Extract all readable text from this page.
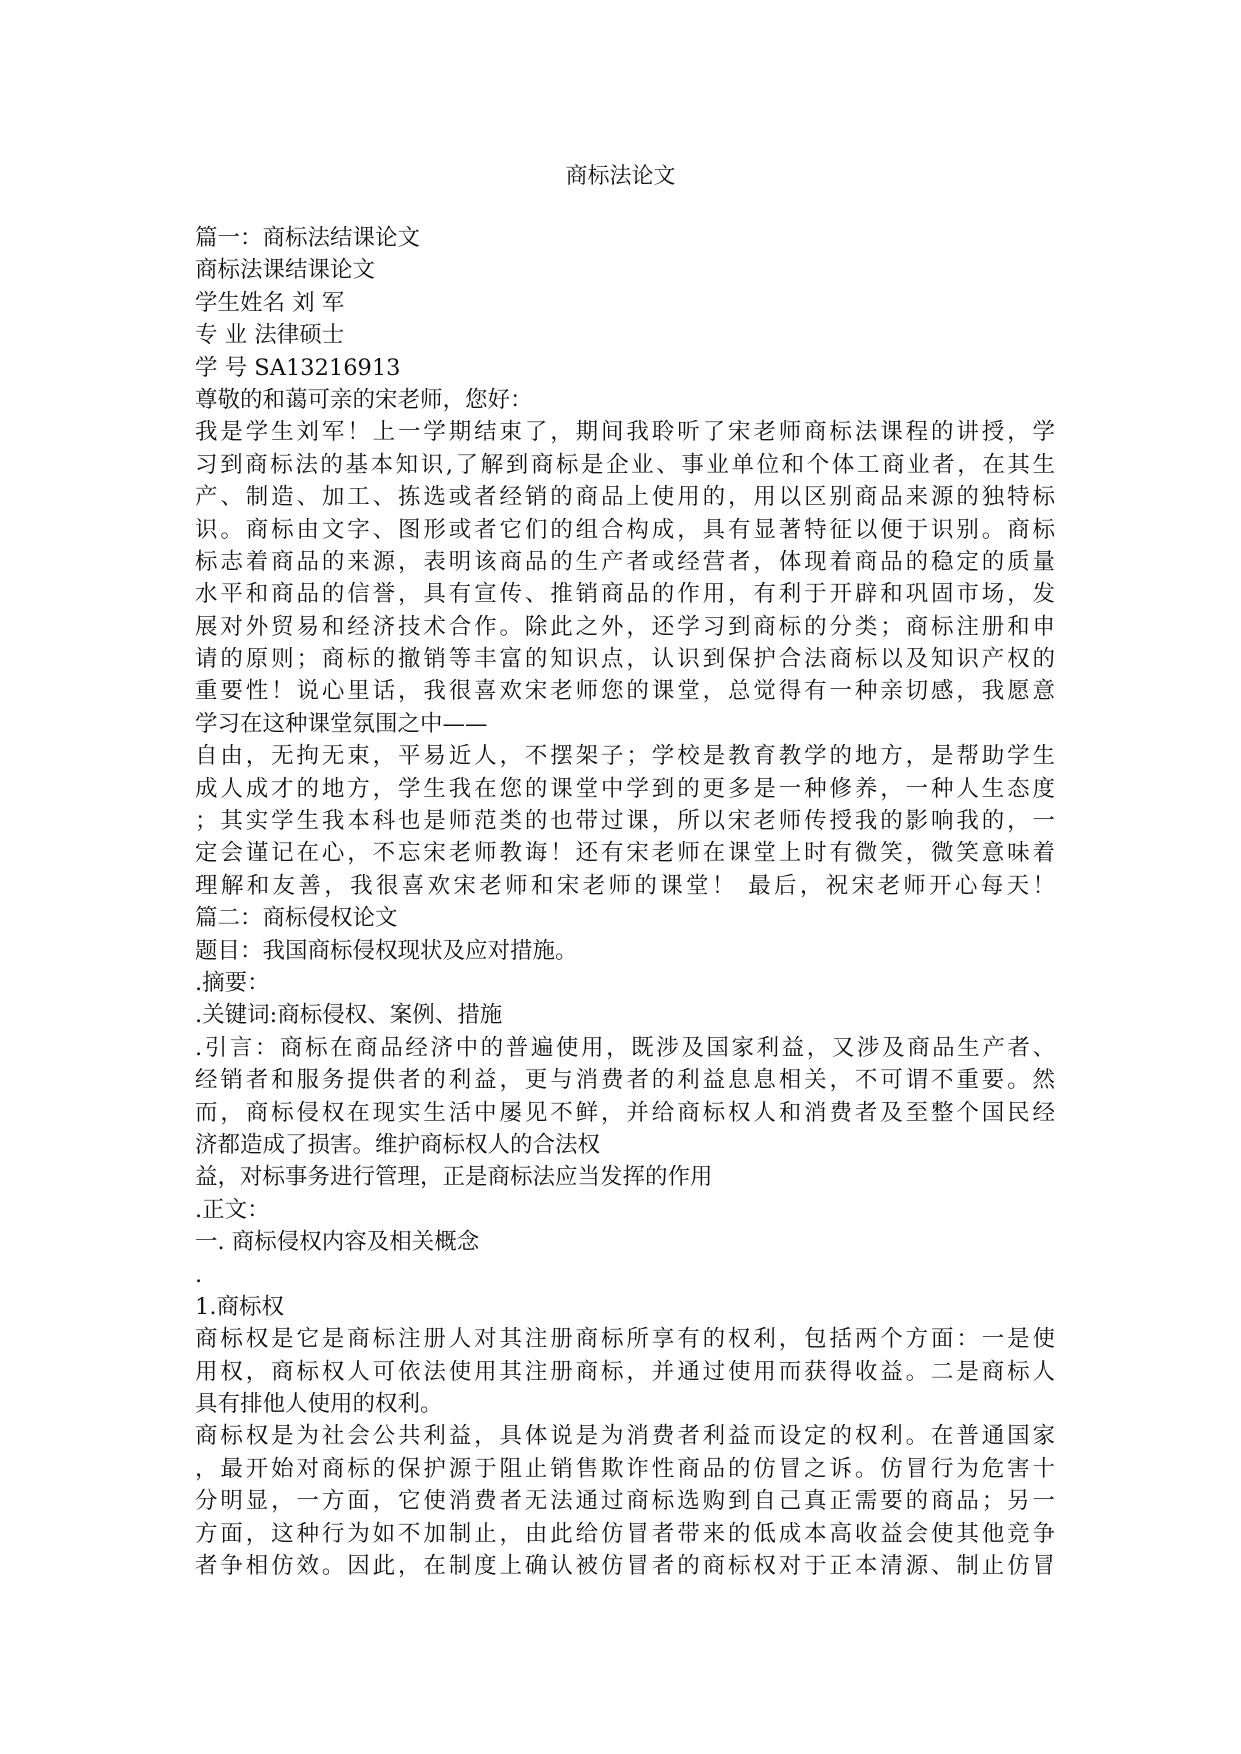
商标法论文
篇一：商标法结课论文
商标法课结课论文
学生姓名 刘 军
专 业 法律硕士
学 号 SA13216913
尊敬的和蔼可亲的宋老师，您好：
我是学生刘军！上一学期结束了，期间我聆听了宋老师商标法课程的讲授，学
习到商标法的基本知识,了解到商标是企业、事业单位和个体工商业者，在其生
产、制造、加工、拣选或者经销的商品上使用的，用以区别商品来源的独特标
识。商标由文字、图形或者它们的组合构成，具有显著特征以便于识别。商标
标志着商品的来源，表明该商品的生产者或经营者，体现着商品的稳定的质量
水平和商品的信誉，具有宣传、推销商品的作用，有利于开辟和巩固市场，发
展对外贸易和经济技术合作。除此之外，还学习到商标的分类；商标注册和申
请的原则；商标的撤销等丰富的知识点，认识到保护合法商标以及知识产权的
重要性！说心里话，我很喜欢宋老师您的课堂，总觉得有一种亲切感，我愿意
学习在这种课堂氛围之中——
自由，无拘无束，平易近人，不摆架子；学校是教育教学的地方，是帮助学生
成人成才的地方，学生我在您的课堂中学到的更多是一种修养，一种人生态度
；其实学生我本科也是师范类的也带过课，所以宋老师传授我的影响我的，一
定会谨记在心，不忘宋老师教诲！还有宋老师在课堂上时有微笑，微笑意味着
理解和友善，我很喜欢宋老师和宋老师的课堂！ 最后，祝宋老师开心每天！
篇二：商标侵权论文
题目：我国商标侵权现状及应对措施。
.摘要：
.关键词:商标侵权、案例、措施
.引言：商标在商品经济中的普遍使用，既涉及国家利益，又涉及商品生产者、
经销者和服务提供者的利益，更与消费者的利益息息相关，不可谓不重要。然
而，商标侵权在现实生活中屡见不鲜，并给商标权人和消费者及至整个国民经
济都造成了损害。维护商标权人的合法权
益，对标事务进行管理，正是商标法应当发挥的作用
.正文：
一. 商标侵权内容及相关概念
.
1.商标权
商标权是它是商标注册人对其注册商标所享有的权利，包括两个方面：一是使
用权，商标权人可依法使用其注册商标，并通过使用而获得收益。二是商标人
具有排他人使用的权利。
商标权是为社会公共利益，具体说是为消费者利益而设定的权利。在普通国家
，最开始对商标的保护源于阻止销售欺诈性商品的仿冒之诉。仿冒行为危害十
分明显，一方面，它使消费者无法通过商标选购到自己真正需要的商品；另一
方面，这种行为如不加制止，由此给仿冒者带来的低成本高收益会使其他竞争
者争相仿效。因此，在制度上确认被仿冒者的商标权对于正本清源、制止仿冒
